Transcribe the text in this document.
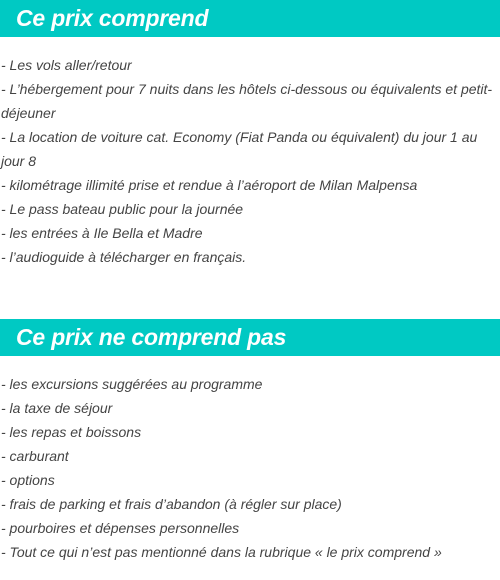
Ce prix comprend
- Les vols aller/retour
- L’hébergement pour 7 nuits dans les hôtels ci-dessous ou équivalents et petit-déjeuner
- La location de voiture cat. Economy (Fiat Panda ou équivalent) du jour 1 au jour 8
- kilométrage illimité prise et rendue à l’aéroport de Milan Malpensa
- Le pass bateau public pour la journée
- les entrées à Ile Bella et Madre
- l’audioguide à télécharger en français.
Ce prix ne comprend pas
- les excursions suggérées au programme
- la taxe de séjour
- les repas et boissons
- carburant
- options
- frais de parking et frais d’abandon (à régler sur place)
- pourboires et dépenses personnelles
- Tout ce qui n’est pas mentionné dans la rubrique « le prix comprend »
